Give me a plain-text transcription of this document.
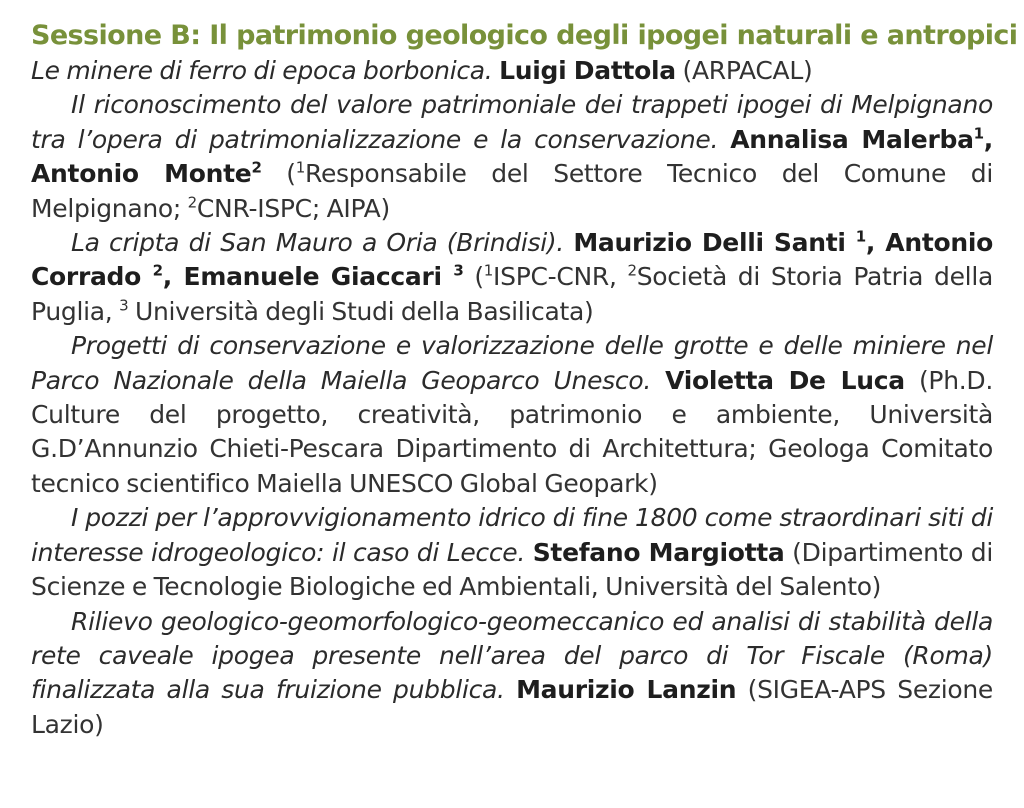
Sessione B: Il patrimonio geologico degli ipogei naturali e antropici

Le minere di ferro di epoca borbonica. Luigi Dattola (ARPACAL)

Il riconoscimento del valore patrimoniale dei trappeti ipogei di Melpignano tra l’opera di patrimonializzazione e la conservazione. Annalisa Malerba$^1$, Antonio Monte$^2$ ($^1$Responsabile del Settore Tecnico del Comune di Melpignano; $^2$CNR-ISPC; AIPA)

La cripta di San Mauro a Oria (Brindisi). Maurizio Delli Santi $^1$, Antonio Corrado $^2$, Emanuele Giaccari $^3$ ($^1$ISPC-CNR, $^2$Società di Storia Patria della Puglia, $^3$ Università degli Studi della Basilicata)

Progetti di conservazione e valorizzazione delle grotte e delle miniere nel Parco Nazionale della Maiella Geoparco Unesco. Violetta De Luca (Ph.D. Culture del progetto, creatività, patrimonio e ambiente, Università G.D’Annunzio Chieti-Pescara Dipartimento di Architettura; Geologa Comitato tecnico scientifico Maiella UNESCO Global Geopark)

I pozzi per l’approvvigionamento idrico di fine 1800 come straordinari siti di interesse idrogeologico: il caso di Lecce. Stefano Margiotta (Dipartimento di Scienze e Tecnologie Biologiche ed Ambientali, Università del Salento)

Rilievo geologico-geomorfologico-geomeccanico ed analisi di stabilità della rete caveale ipogea presente nell’area del parco di Tor Fiscale (Roma) finalizzata alla sua fruizione pubblica. Maurizio Lanzin (SIGEA-APS Sezione Lazio)
